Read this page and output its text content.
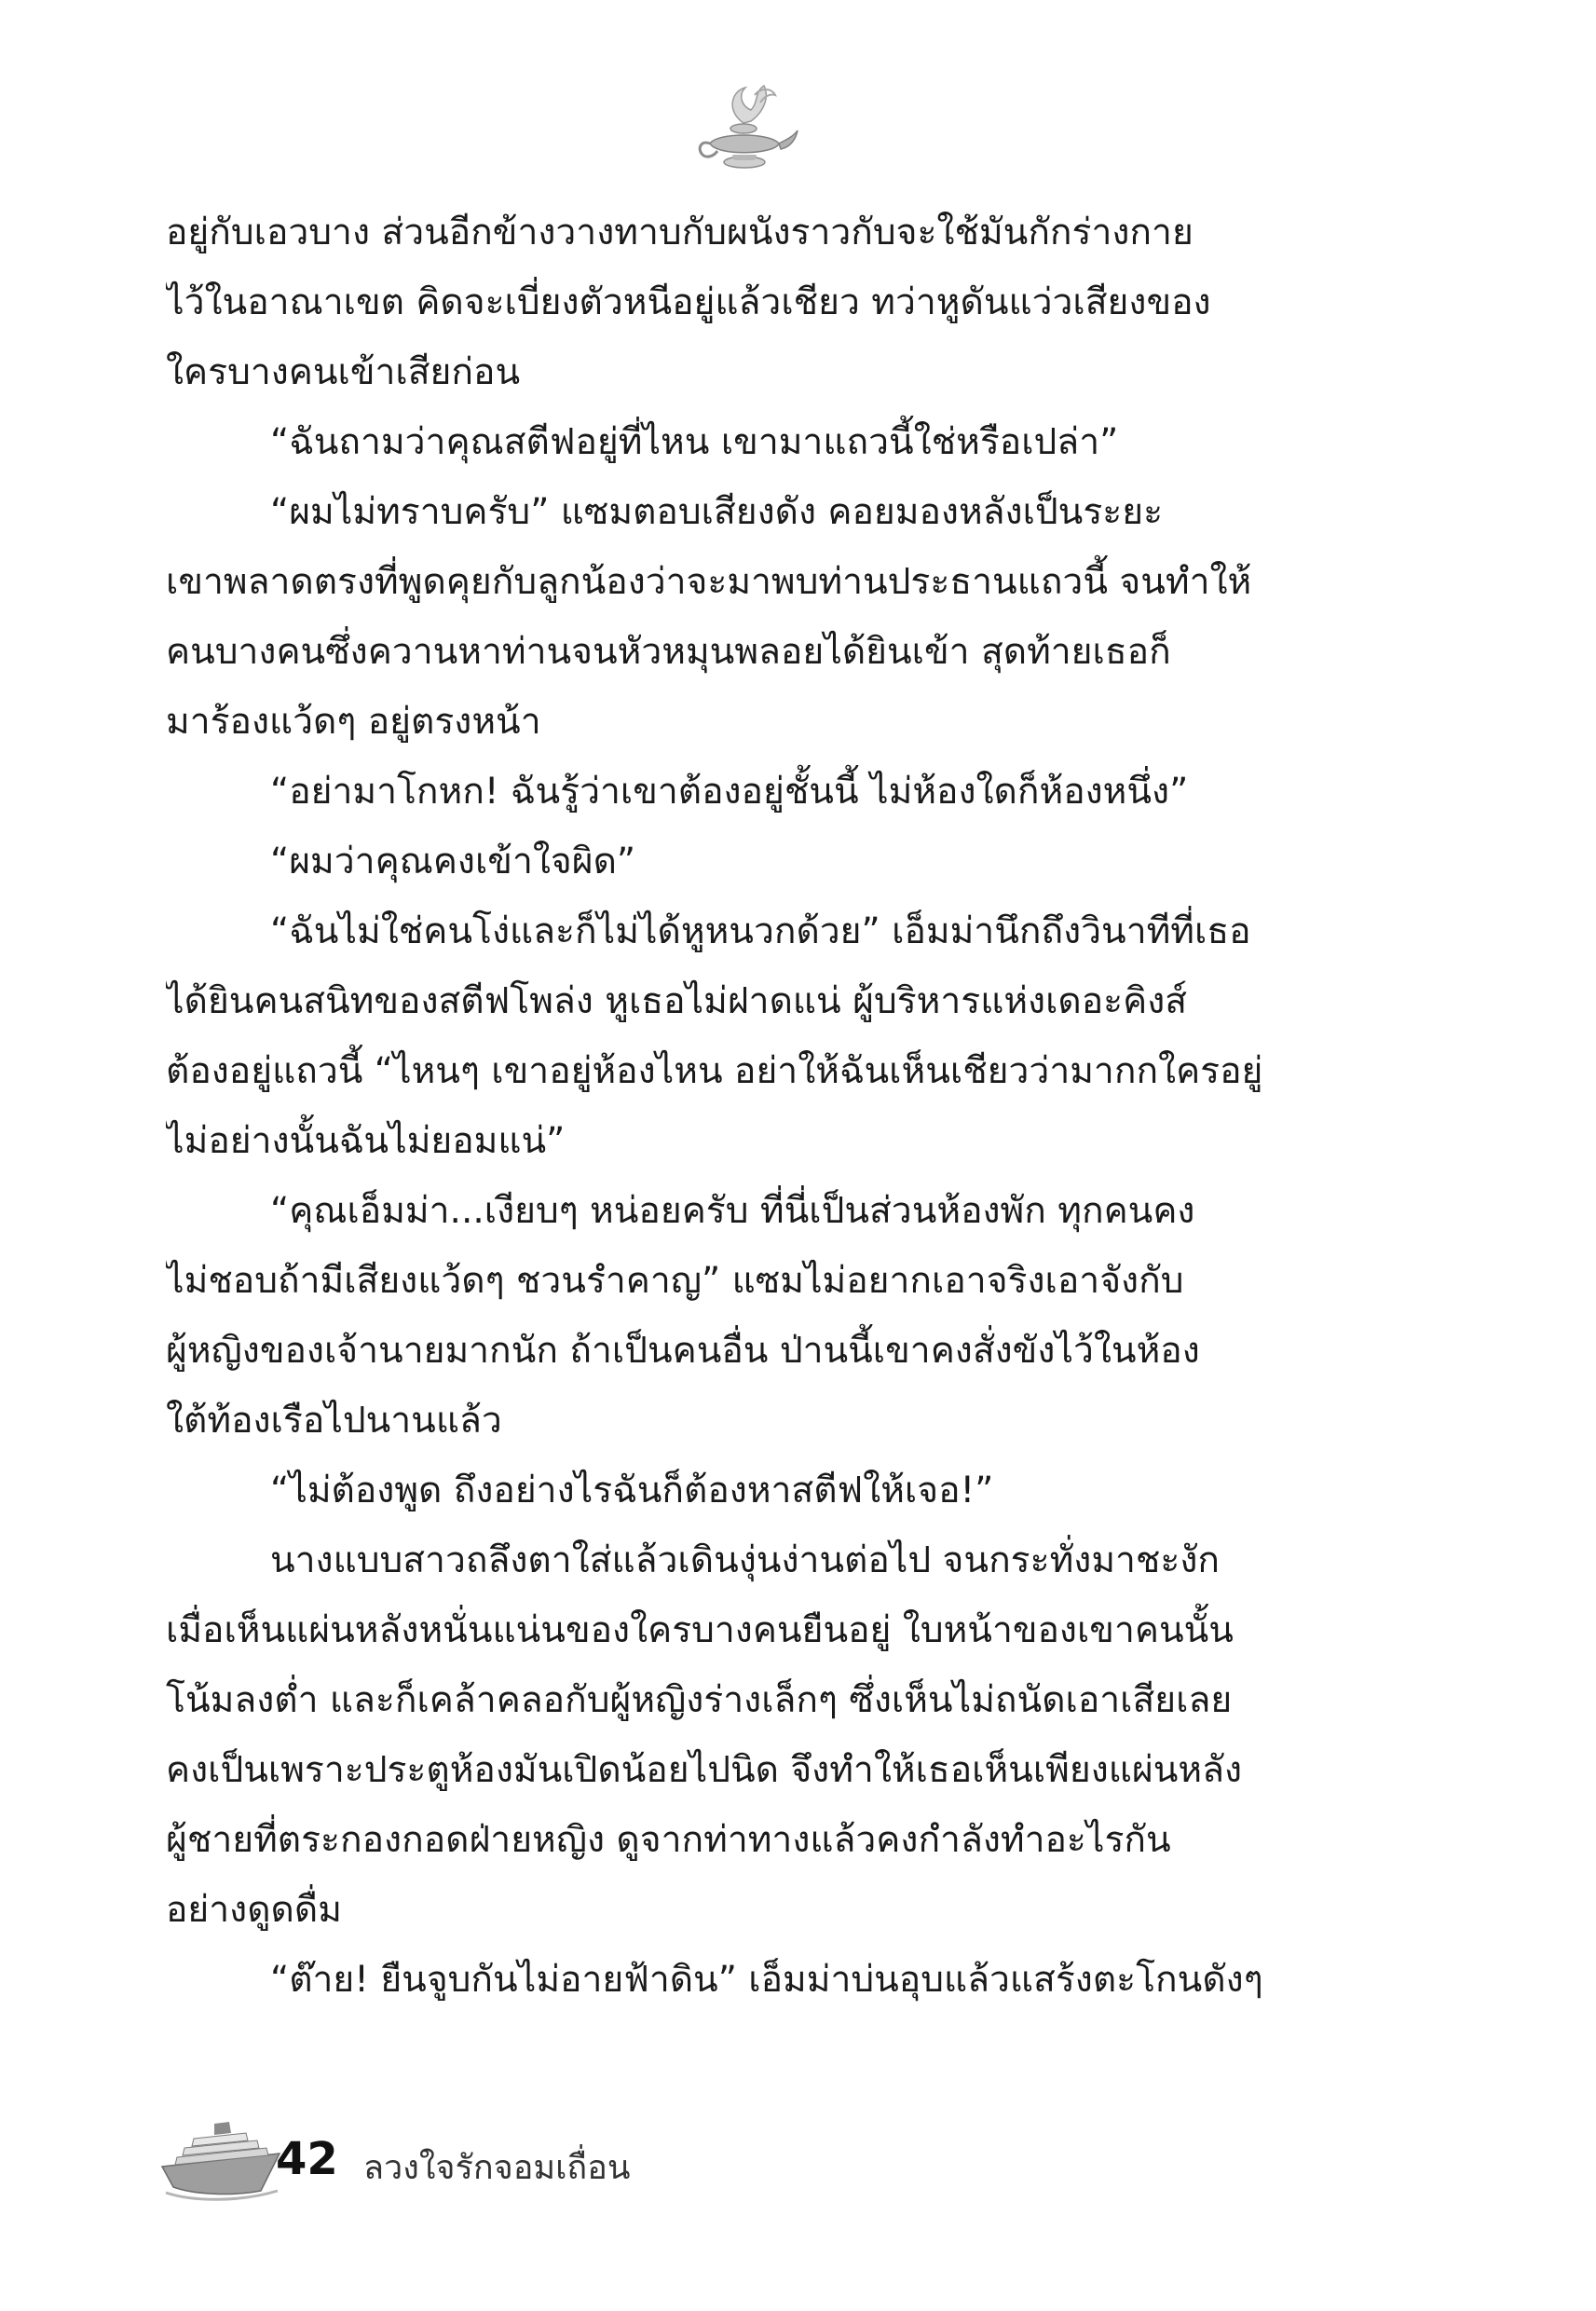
อยู่กับเอวบาง ส่วนอีกข้างวางทาบกับผนังราวกับจะใช้มันกักร่างกาย
ไว้ในอาณาเขต คิดจะเบี่ยงตัวหนีอยู่แล้วเชียว ทว่าหูดันแว่วเสียงของ
ใครบางคนเข้าเสียก่อน
“ฉันถามว่าคุณสตีฟอยู่ที่ไหน เขามาแถวนี้ใช่หรือเปล่า”
“ผมไม่ทราบครับ” แซมตอบเสียงดัง คอยมองหลังเป็นระยะ
เขาพลาดตรงที่พูดคุยกับลูกน้องว่าจะมาพบท่านประธานแถวนี้ จนทำให้
คนบางคนซึ่งควานหาท่านจนหัวหมุนพลอยได้ยินเข้า สุดท้ายเธอก็
มาร้องแว้ดๆ อยู่ตรงหน้า
“อย่ามาโกหก! ฉันรู้ว่าเขาต้องอยู่ชั้นนี้ ไม่ห้องใดก็ห้องหนึ่ง”
“ผมว่าคุณคงเข้าใจผิด”
“ฉันไม่ใช่คนโง่และก็ไม่ได้หูหนวกด้วย” เอ็มม่านึกถึงวินาทีที่เธอ
ได้ยินคนสนิทของสตีฟโพล่ง หูเธอไม่ฝาดแน่ ผู้บริหารแห่งเดอะคิงส์
ต้องอยู่แถวนี้ “ไหนๆ เขาอยู่ห้องไหน อย่าให้ฉันเห็นเชียวว่ามากกใครอยู่
ไม่อย่างนั้นฉันไม่ยอมแน่”
“คุณเอ็มม่า...เงียบๆ หน่อยครับ ที่นี่เป็นส่วนห้องพัก ทุกคนคง
ไม่ชอบถ้ามีเสียงแว้ดๆ ชวนรำคาญ” แซมไม่อยากเอาจริงเอาจังกับ
ผู้หญิงของเจ้านายมากนัก ถ้าเป็นคนอื่น ป่านนี้เขาคงสั่งขังไว้ในห้อง
ใต้ท้องเรือไปนานแล้ว
“ไม่ต้องพูด ถึงอย่างไรฉันก็ต้องหาสตีฟให้เจอ!”
นางแบบสาวถลึงตาใส่แล้วเดินงุ่นง่านต่อไป จนกระทั่งมาชะงัก
เมื่อเห็นแผ่นหลังหนั่นแน่นของใครบางคนยืนอยู่ ใบหน้าของเขาคนนั้น
โน้มลงต่ำ และก็เคล้าคลอกับผู้หญิงร่างเล็กๆ ซึ่งเห็นไม่ถนัดเอาเสียเลย
คงเป็นเพราะประตูห้องมันเปิดน้อยไปนิด จึงทำให้เธอเห็นเพียงแผ่นหลัง
ผู้ชายที่ตระกองกอดฝ่ายหญิง ดูจากท่าทางแล้วคงกำลังทำอะไรกัน
อย่างดูดดื่ม
“ต๊าย! ยืนจูบกันไม่อายฟ้าดิน” เอ็มม่าบ่นอุบแล้วแสร้งตะโกนดังๆ
42 ลวงใจรักจอมเถื่อน
